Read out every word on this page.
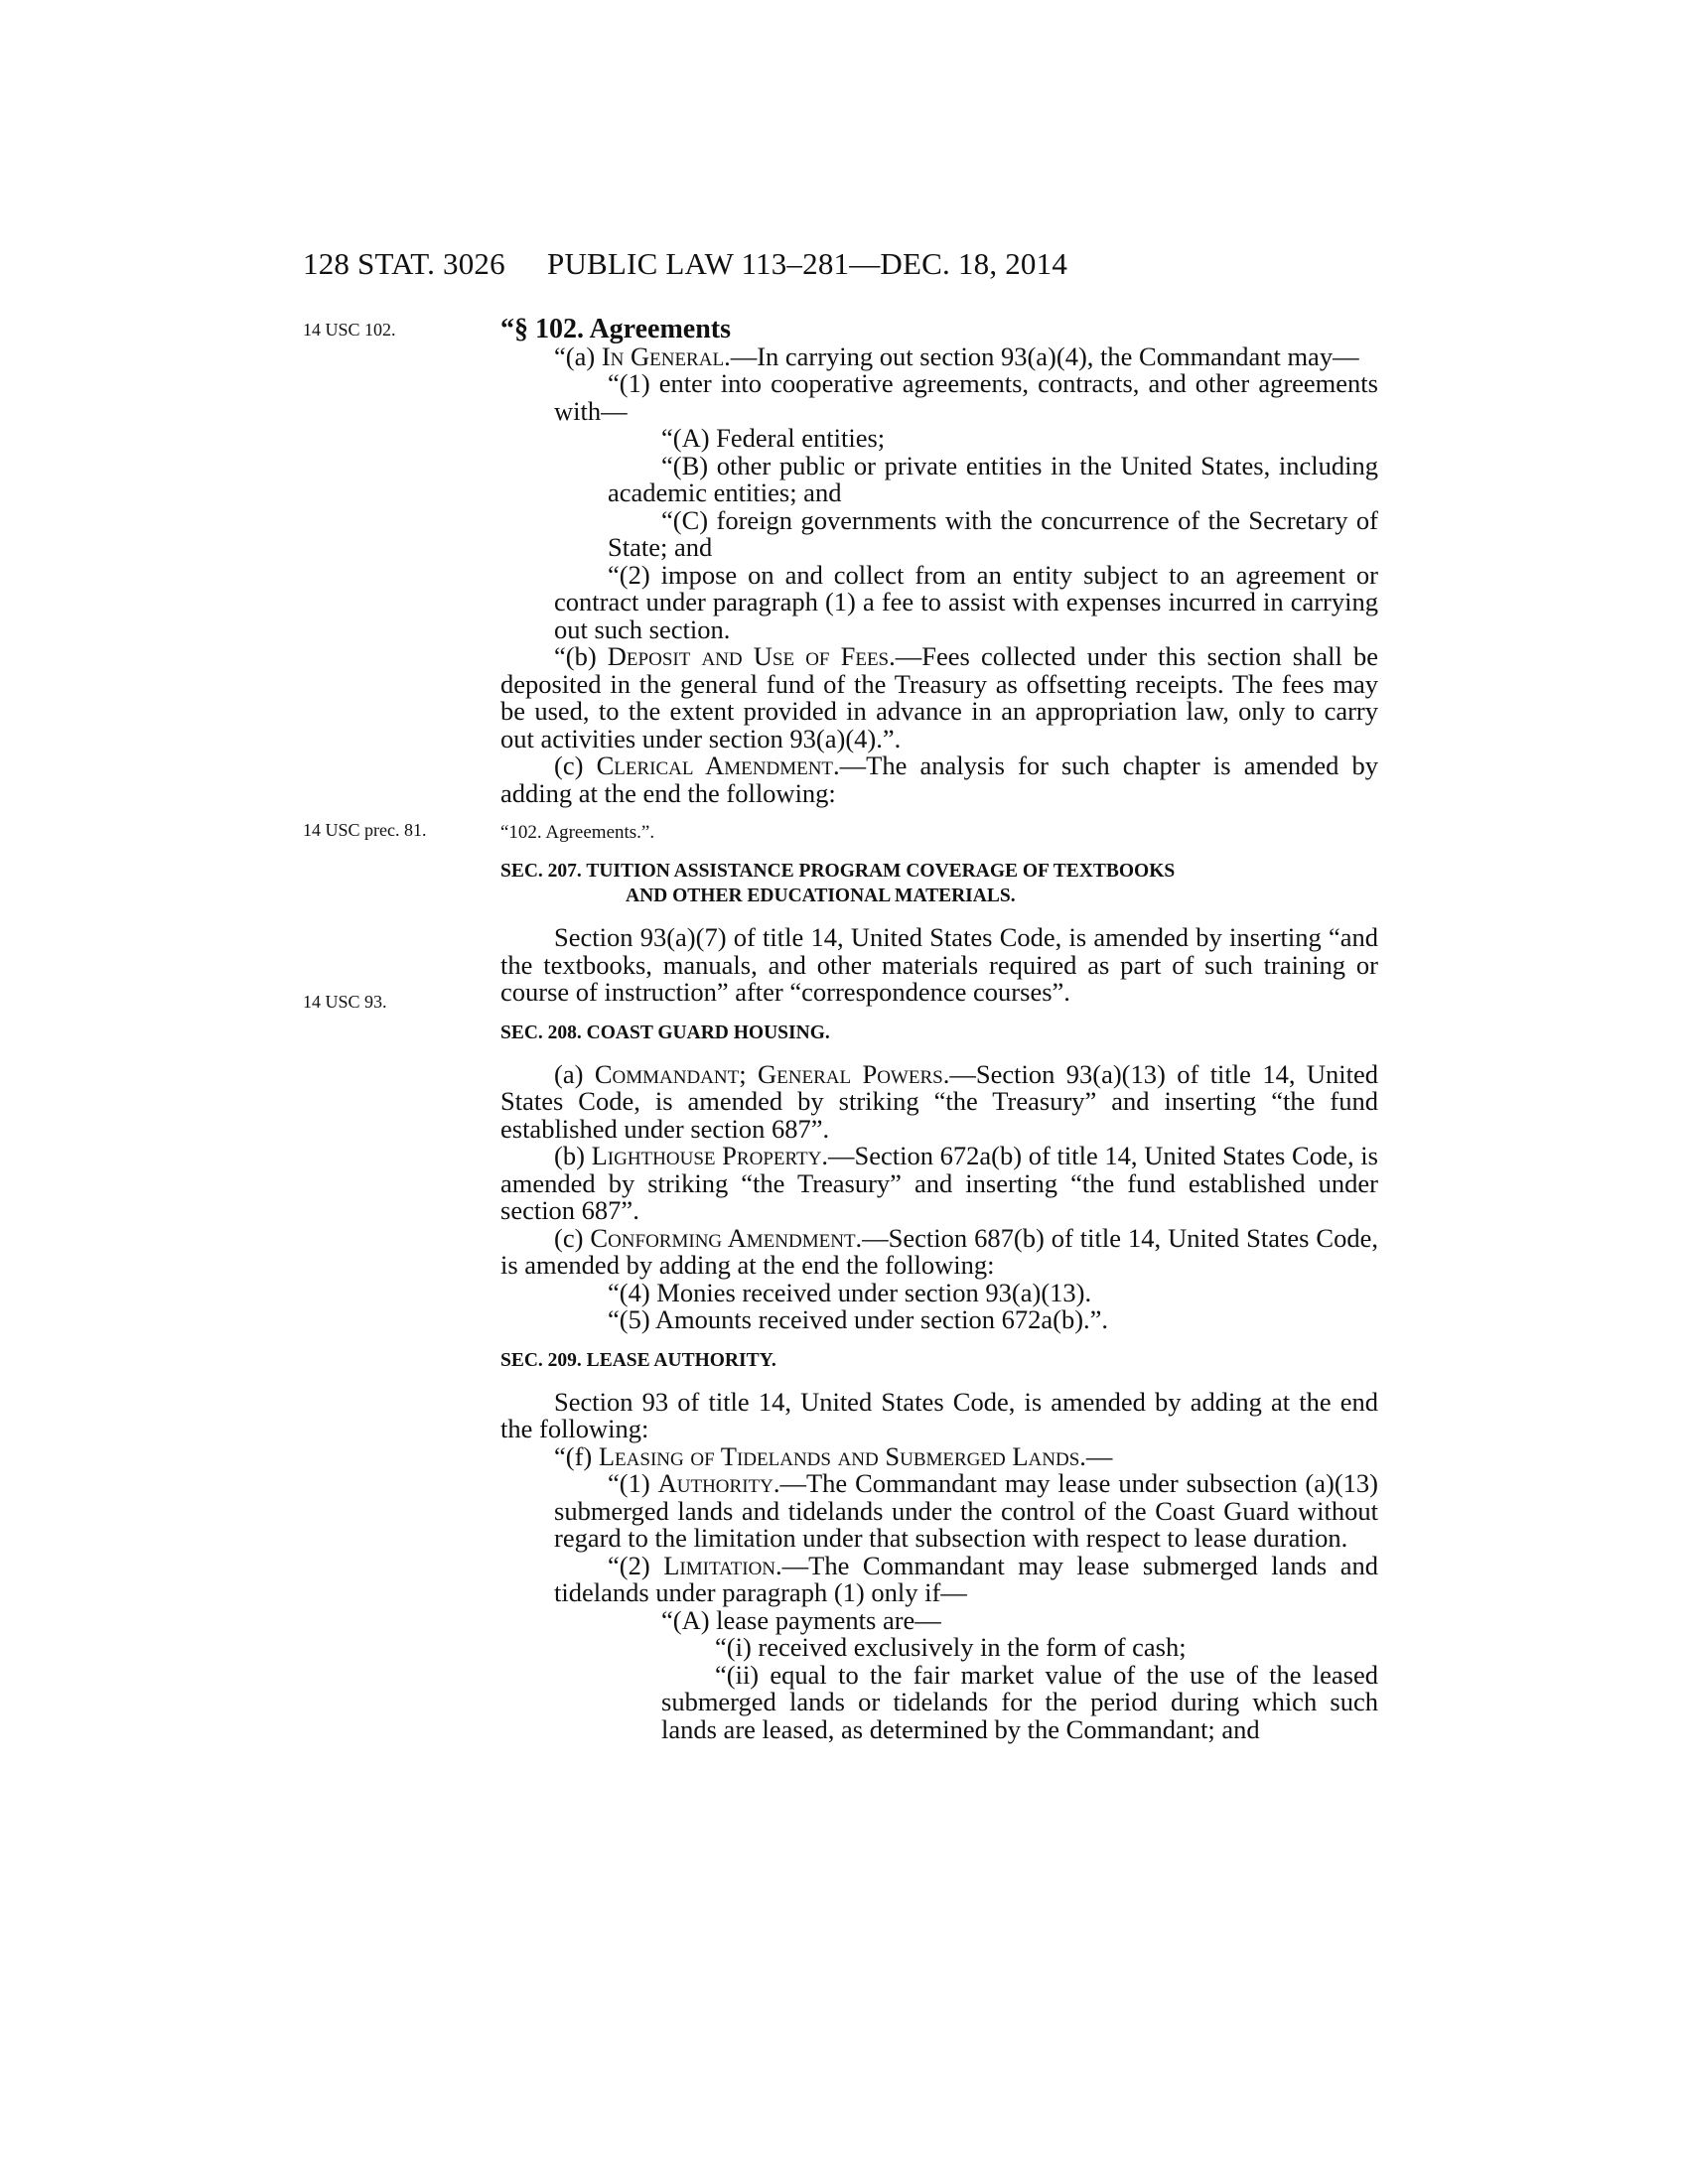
128 STAT. 3026 PUBLIC LAW 113–281—DEC. 18, 2014
14 USC 102.
14 USC prec. 81.
14 USC 93.

“§ 102. Agreements

“(a) In General.—In carrying out section 93(a)(4), the Commandant may—

“(1) enter into cooperative agreements, contracts, and other agreements with—

“(A) Federal entities;

“(B) other public or private entities in the United States, including academic entities; and

“(C) foreign governments with the concurrence of the Secretary of State; and

“(2) impose on and collect from an entity subject to an agreement or contract under paragraph (1) a fee to assist with expenses incurred in carrying out such section.

“(b) Deposit and Use of Fees.—Fees collected under this section shall be deposited in the general fund of the Treasury as offsetting receipts. The fees may be used, to the extent provided in advance in an appropriation law, only to carry out activities under section 93(a)(4).”.

(c) Clerical Amendment.—The analysis for such chapter is amended by adding at the end the following:

“102. Agreements.”.

SEC. 207. TUITION ASSISTANCE PROGRAM COVERAGE OF TEXTBOOKS

AND OTHER EDUCATIONAL MATERIALS.

Section 93(a)(7) of title 14, United States Code, is amended by inserting “and the textbooks, manuals, and other materials required as part of such training or course of instruction” after “correspondence courses”.

SEC. 208. COAST GUARD HOUSING.

(a) Commandant; General Powers.—Section 93(a)(13) of title 14, United States Code, is amended by striking “the Treasury” and inserting “the fund established under section 687”.

(b) Lighthouse Property.—Section 672a(b) of title 14, United States Code, is amended by striking “the Treasury” and inserting “the fund established under section 687”.

(c) Conforming Amendment.—Section 687(b) of title 14, United States Code, is amended by adding at the end the following:

“(4) Monies received under section 93(a)(13).

“(5) Amounts received under section 672a(b).”.

SEC. 209. LEASE AUTHORITY.

Section 93 of title 14, United States Code, is amended by adding at the end the following:

“(f) Leasing of Tidelands and Submerged Lands.—

“(1) Authority.—The Commandant may lease under subsection (a)(13) submerged lands and tidelands under the control of the Coast Guard without regard to the limitation under that subsection with respect to lease duration.

“(2) Limitation.—The Commandant may lease submerged lands and tidelands under paragraph (1) only if—

“(A) lease payments are—

“(i) received exclusively in the form of cash;

“(ii) equal to the fair market value of the use of the leased submerged lands or tidelands for the period during which such lands are leased, as determined by the Commandant; and
